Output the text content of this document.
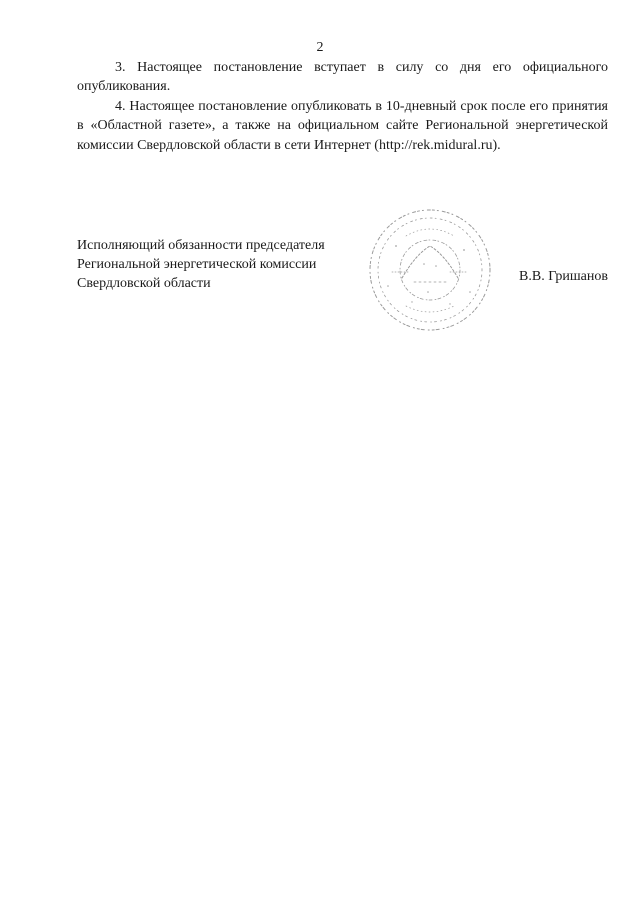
2

3. Настоящее постановление вступает в силу со дня его официального опубликования.

4. Настоящее постановление опубликовать в 10-дневный срок после его принятия в «Областной газете», а также на официальном сайте Региональной энергетической комиссии Свердловской области в сети Интернет (http://rek.midural.ru).

Исполняющий обязанности председателя
Региональной энергетической комиссии
Свердловской области	В.В. Гришанов
